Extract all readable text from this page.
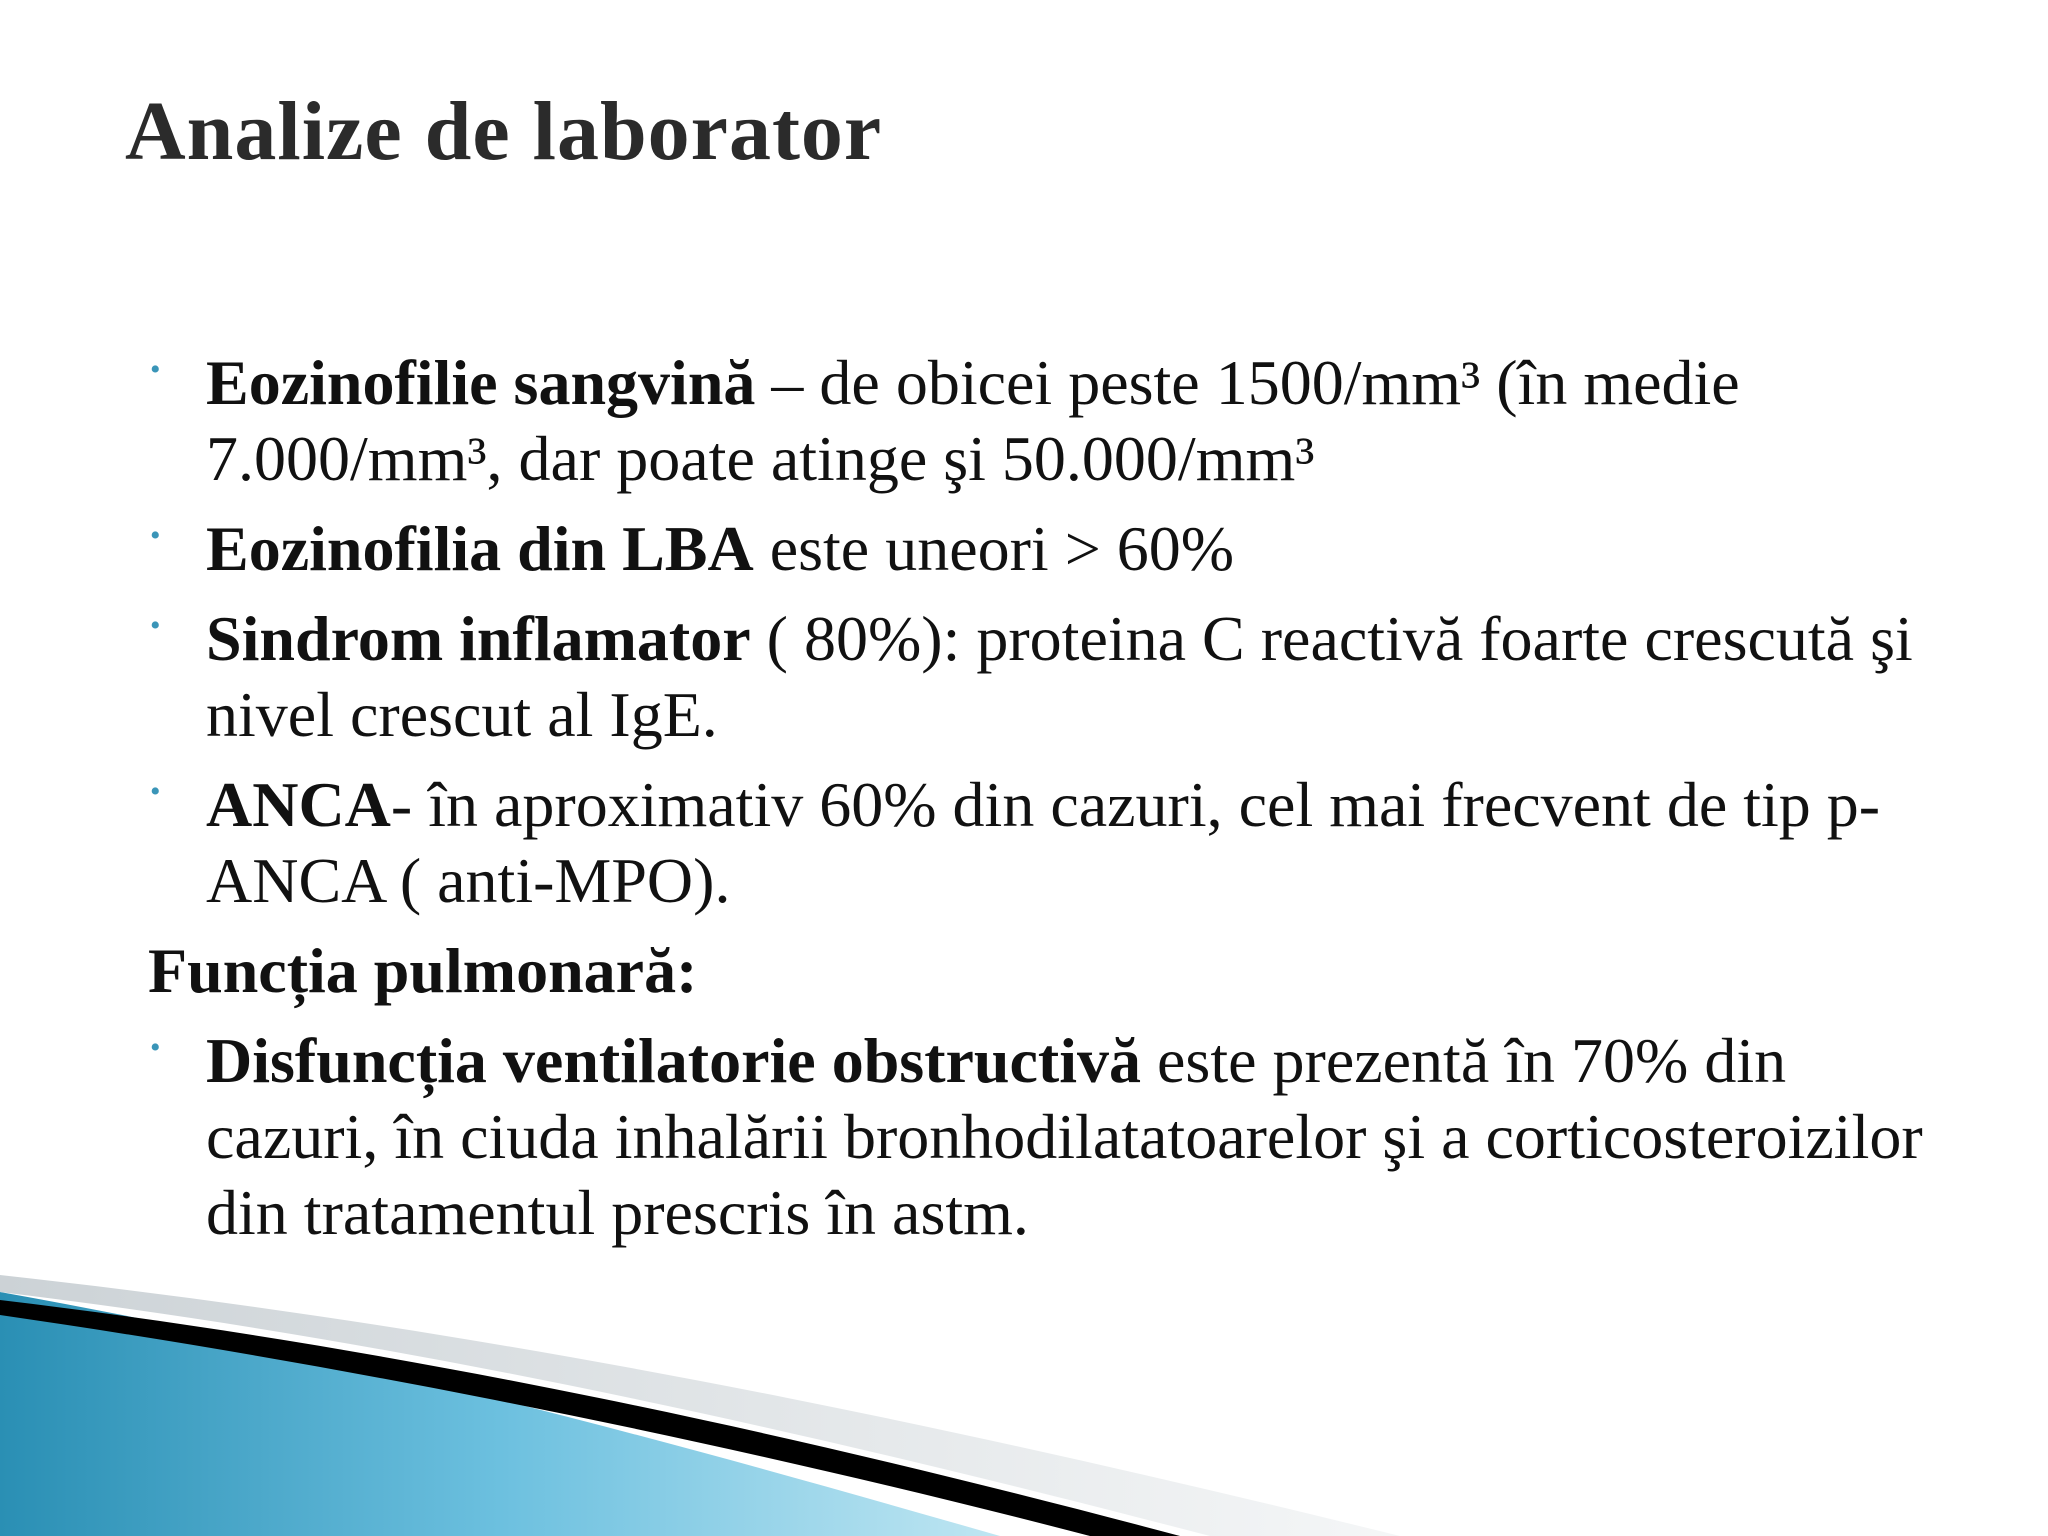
Analize de laborator
• Eozinofilie sangvină – de obicei peste 1500/mm³ (în medie 7.000/mm³, dar poate atinge şi 50.000/mm³
• Eozinofilia din LBA este uneori > 60%
• Sindrom inflamator ( 80%): proteina C reactivă foarte crescută şi nivel crescut al IgE.
• ANCA- în aproximativ 60% din cazuri, cel mai frecvent de tip p-ANCA ( anti-MPO).
Funcția pulmonară:
• Disfuncția ventilatorie obstructivă este prezentă în 70% din cazuri, în ciuda inhalării bronhodilatatoarelor şi a corticosteroizilor din tratamentul prescris în astm.
